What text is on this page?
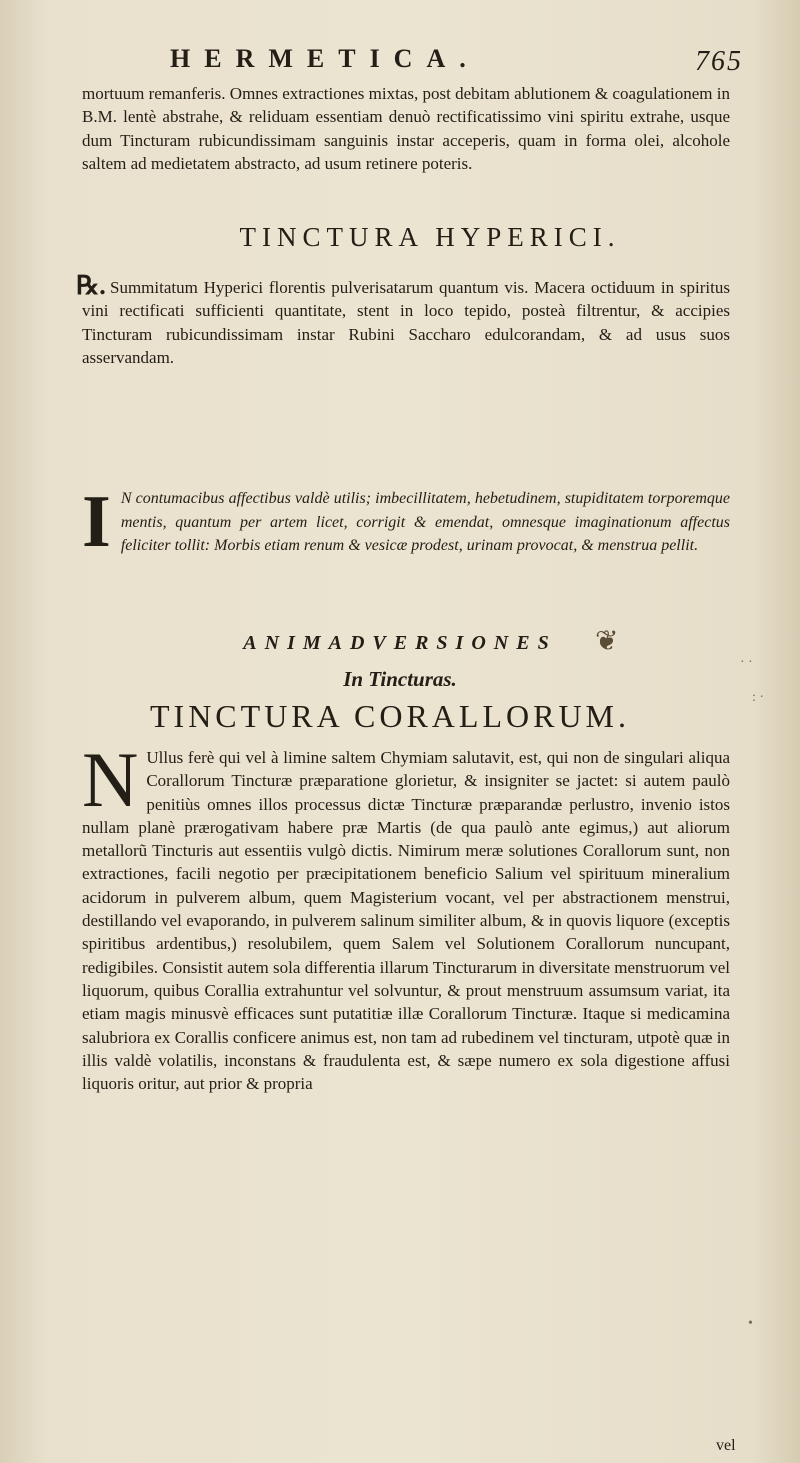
HERMETICA.	765

mortuum remanferis. Omnes extractiones mixtas, post debitam ablutionem & coagulationem in B.M. lentè abstrahe, & reliduam essentiam denuò rectificatissimo vini spiritu extrahe, usque dum Tincturam rubicundissimam sanguinis instar acceperis, quam in forma olei, alcohole saltem ad medietatem abstracto, ad usum retinere poteris.

TINCTURA HYPERICI.
℞. Summitatum Hyperici florentis pulverisatarum quantum vis. Macera octiduum in spiritus vini rectificati sufficienti quantitate, stent in loco tepido, posteà filtrentur, & accipies Tincturam rubicundissimam instar Rubini Saccharo edulcorandam, & ad usus suos asservandam.
I N contumacibus affectibus valdè utilis; imbecillitatem, hebetudinem, stupiditatem torporemque mentis, quantum per artem licet, corrigit & emendat, omnesque imaginationum affectus feliciter tollit: Morbis etiam renum & vesicæ prodest, urinam provocat, & menstrua pellit.
ANIMADVERSIONES	❦
In Tincturas.
TINCTURA CORALLORUM.
N Ullus ferè qui vel à limine saltem Chymiam salutavit, est, qui non de singulari aliqua Corallorum Tincturæ præparatione glorietur, & insigniter se jactet: si autem paulò penitiùs omnes illos processus dictæ Tincturæ præparandæ perlustro, invenio istos nullam planè prærogativam habere præ Martis (de qua paulò ante egimus,) aut aliorum metallorũ Tincturis aut essentiis vulgò dictis. Nimirum meræ solutiones Corallorum sunt, non extractiones, facili negotio per præcipitationem beneficio Salium vel spirituum mineralium acidorum in pulverem album, quem Magisterium vocant, vel per abstractionem menstrui, destillando vel evaporando, in pulverem salinum similiter album, & in quovis liquore (exceptis spiritibus ardentibus,) resolubilem, quem Salem vel Solutionem Corallorum nuncupant, redigibiles. Consistit autem sola differentia illarum Tincturarum in diversitate menstruorum vel liquorum, quibus Corallia extrahuntur vel solvuntur, & prout menstruum assumsum variat, ita etiam magis minusvè efficaces sunt putatitiæ illæ Corallorum Tincturæ. Itaque si medicamina salubriora ex Corallis conficere animus est, non tam ad rubedinem vel tincturam, utpotè quæ in illis valdè volatilis, inconstans & fraudulenta est, & sæpe numero ex sola digestione affusi liquoris oritur, aut prior & propria
vel
: ·
· ·
•
